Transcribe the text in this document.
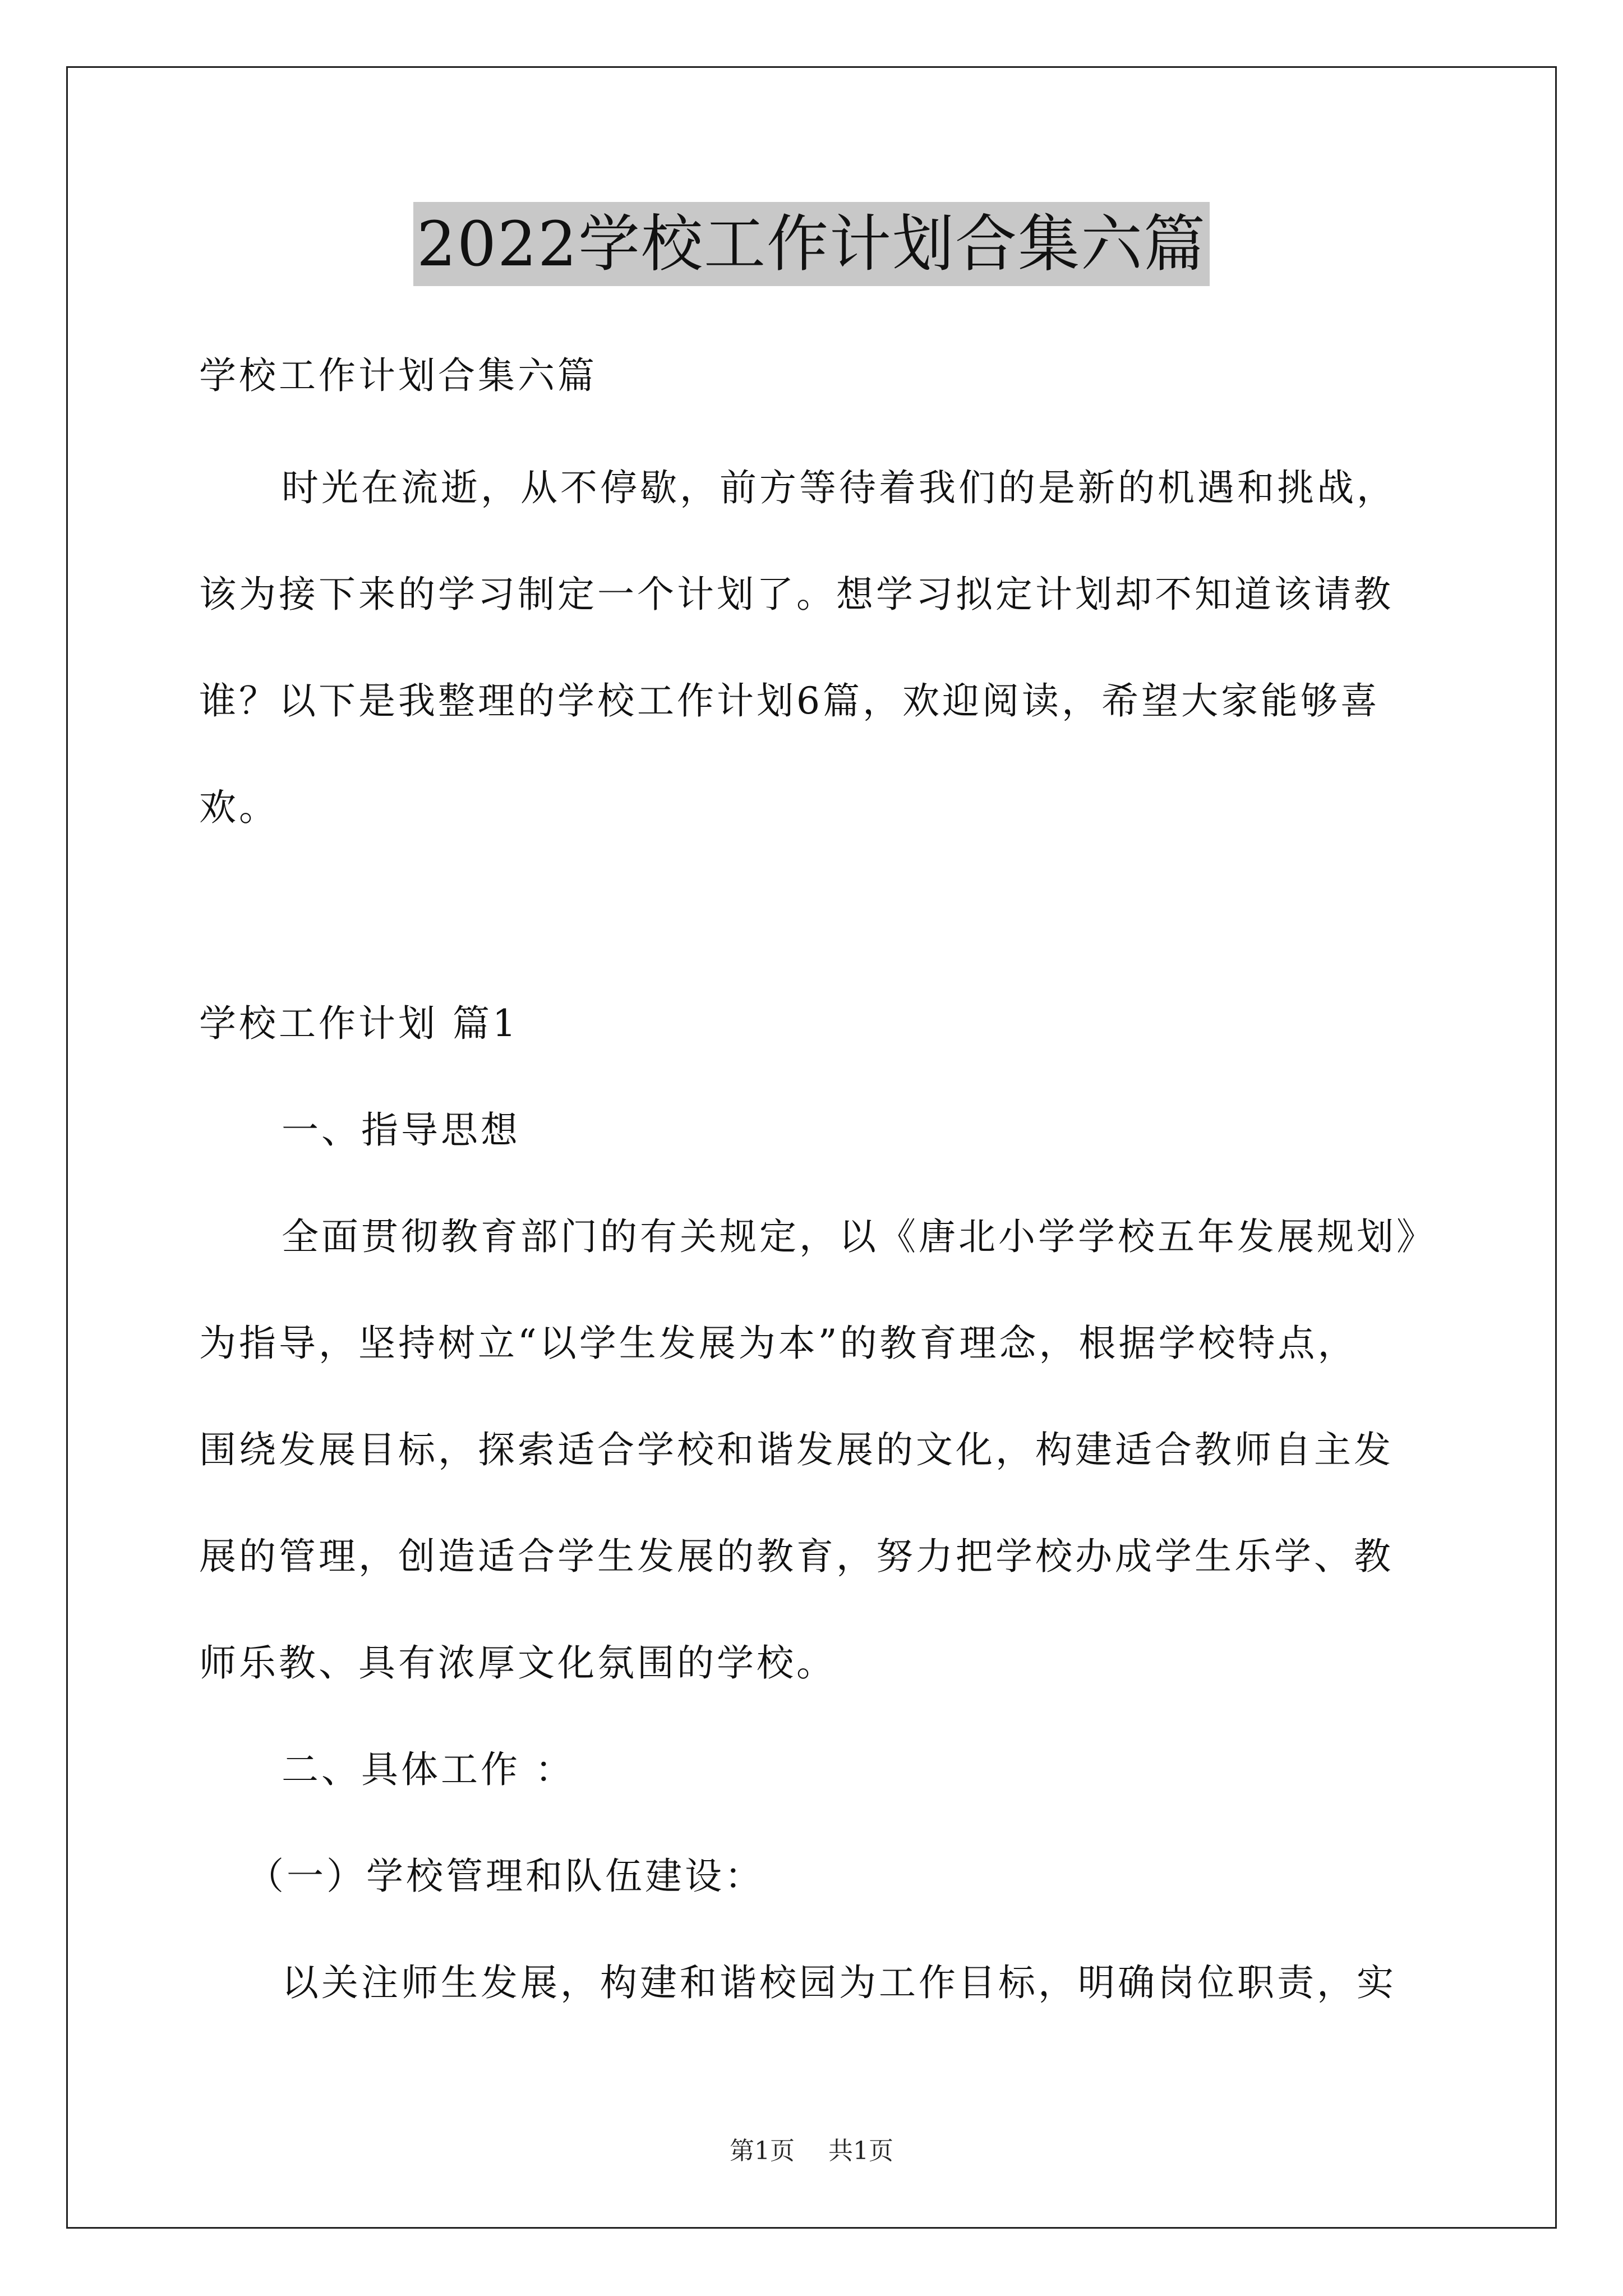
2022学校工作计划合集六篇
学校工作计划合集六篇
时光在流逝，从不停歇，前方等待着我们的是新的机遇和挑战，
该为接下来的学习制定一个计划了。想学习拟定计划却不知道该请教
谁？以下是我整理的学校工作计划6篇，欢迎阅读，希望大家能够喜
欢。
学校工作计划 篇1
一、指导思想
全面贯彻教育部门的有关规定，以《唐北小学学校五年发展规划》
为指导，坚持树立“以学生发展为本”的教育理念，根据学校特点，
围绕发展目标，探索适合学校和谐发展的文化，构建适合教师自主发
展的管理，创造适合学生发展的教育，努力把学校办成学生乐学、教
师乐教、具有浓厚文化氛围的学校。
二、具体工作 ：
（一）学校管理和队伍建设：
以关注师生发展，构建和谐校园为工作目标，明确岗位职责，实
第1页 共1页
